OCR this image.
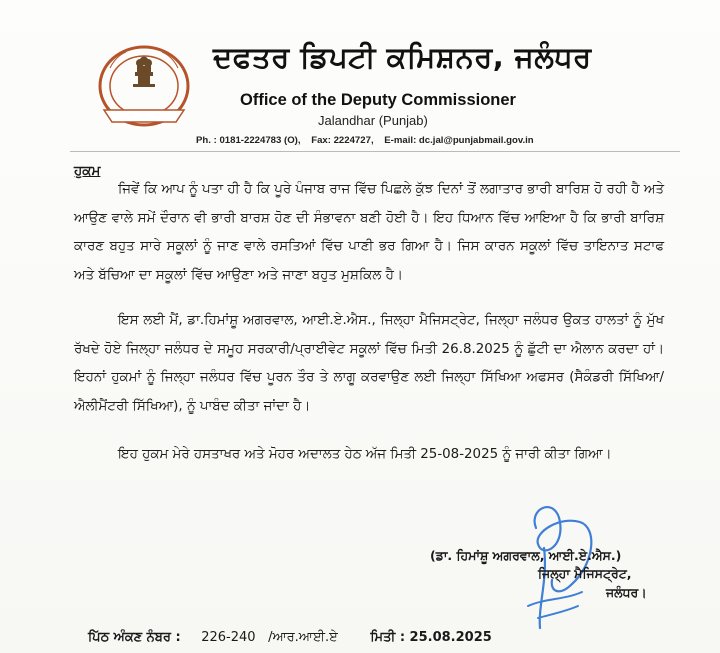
ਦਫਤਰ ਡਿਪਟੀ ਕਮਿਸ਼ਨਰ, ਜਲੰਧਰ
Office of the Deputy Commissioner
Jalandhar (Punjab)
Ph. : 0181-2224783 (O), Fax: 2224727, E-mail: dc.jal@punjabmail.gov.in
ਹੁਕਮ
ਜਿਵੇਂ ਕਿ ਆਪ ਨੂੰ ਪਤਾ ਹੀ ਹੈ ਕਿ ਪੂਰੇ ਪੰਜਾਬ ਰਾਜ ਵਿੱਚ ਪਿਛਲੇ ਕੁੱਝ ਦਿਨਾਂ ਤੋਂ ਲਗਾਤਾਰ ਭਾਰੀ ਬਾਰਿਸ਼ ਹੋ ਰਹੀ ਹੈ ਅਤੇ ਆਉਣ ਵਾਲੇ ਸਮੇਂ ਦੌਰਾਨ ਵੀ ਭਾਰੀ ਬਾਰਸ਼ ਹੋਣ ਦੀ ਸੰਭਾਵਨਾ ਬਣੀ ਹੋਈ ਹੈ। ਇਹ ਧਿਆਨ ਵਿੱਚ ਆਇਆ ਹੈ ਕਿ ਭਾਰੀ ਬਾਰਿਸ਼ ਕਾਰਣ ਬਹੁਤ ਸਾਰੇ ਸਕੂਲਾਂ ਨੂੰ ਜਾਣ ਵਾਲੇ ਰਸਤਿਆਂ ਵਿੱਚ ਪਾਣੀ ਭਰ ਗਿਆ ਹੈ। ਜਿਸ ਕਾਰਨ ਸਕੂਲਾਂ ਵਿੱਚ ਤਾਇਨਾਤ ਸਟਾਫ ਅਤੇ ਬੱਚਿਆ ਦਾ ਸਕੂਲਾਂ ਵਿੱਚ ਆਉਣਾ ਅਤੇ ਜਾਣਾ ਬਹੁਤ ਮੁਸ਼ਕਿਲ ਹੈ।
ਇਸ ਲਈ ਮੈਂ, ਡਾ.ਹਿਮਾਂਸ਼ੂ ਅਗਰਵਾਲ, ਆਈ.ਏ.ਐਸ., ਜਿਲ੍ਹਾ ਮੈਜਿਸਟ੍ਰੇਟ, ਜਿਲ੍ਹਾ ਜਲੰਧਰ ਉਕਤ ਹਾਲਤਾਂ ਨੂੰ ਮੁੱਖ ਰੱਖਦੇ ਹੋਏ ਜਿਲ੍ਹਾ ਜਲੰਧਰ ਦੇ ਸਮੂਹ ਸਰਕਾਰੀ/ਪ੍ਰਾਈਵੇਟ ਸਕੂਲਾਂ ਵਿੱਚ ਮਿਤੀ 26.8.2025 ਨੂੰ ਛੁੱਟੀ ਦਾ ਐਲਾਨ ਕਰਦਾ ਹਾਂ। ਇਹਨਾਂ ਹੁਕਮਾਂ ਨੂੰ ਜਿਲ੍ਹਾ ਜਲੰਧਰ ਵਿੱਚ ਪੂਰਨ ਤੌਰ ਤੇ ਲਾਗੂ ਕਰਵਾਉਣ ਲਈ ਜਿਲ੍ਹਾ ਸਿੱਖਿਆ ਅਫਸਰ (ਸੈਕੰਡਰੀ ਸਿੱਖਿਆ/ਐਲੀਮੈਂਟਰੀ ਸਿੱਖਿਆ), ਨੂੰ ਪਾਬੰਦ ਕੀਤਾ ਜਾਂਦਾ ਹੈ।
ਇਹ ਹੁਕਮ ਮੇਰੇ ਹਸਤਾਖਰ ਅਤੇ ਮੋਹਰ ਅਦਾਲਤ ਹੇਠ ਅੱਜ ਮਿਤੀ 25-08-2025 ਨੂੰ ਜਾਰੀ ਕੀਤਾ ਗਿਆ।
(ਡਾ. ਹਿਮਾਂਸ਼ੂ ਅਗਰਵਾਲ, ਆਈ.ਏ.ਐਸ.)
ਜਿਲ੍ਹਾ ਮੈਜਿਸਟ੍ਰੇਟ,
ਜਲੰਧਰ।
ਪਿੱਠ ਅੰਕਣ ਨੰਬਰ : 226-240 /ਆਰ.ਆਈ.ਏ	ਮਿਤੀ : 25.08.2025
